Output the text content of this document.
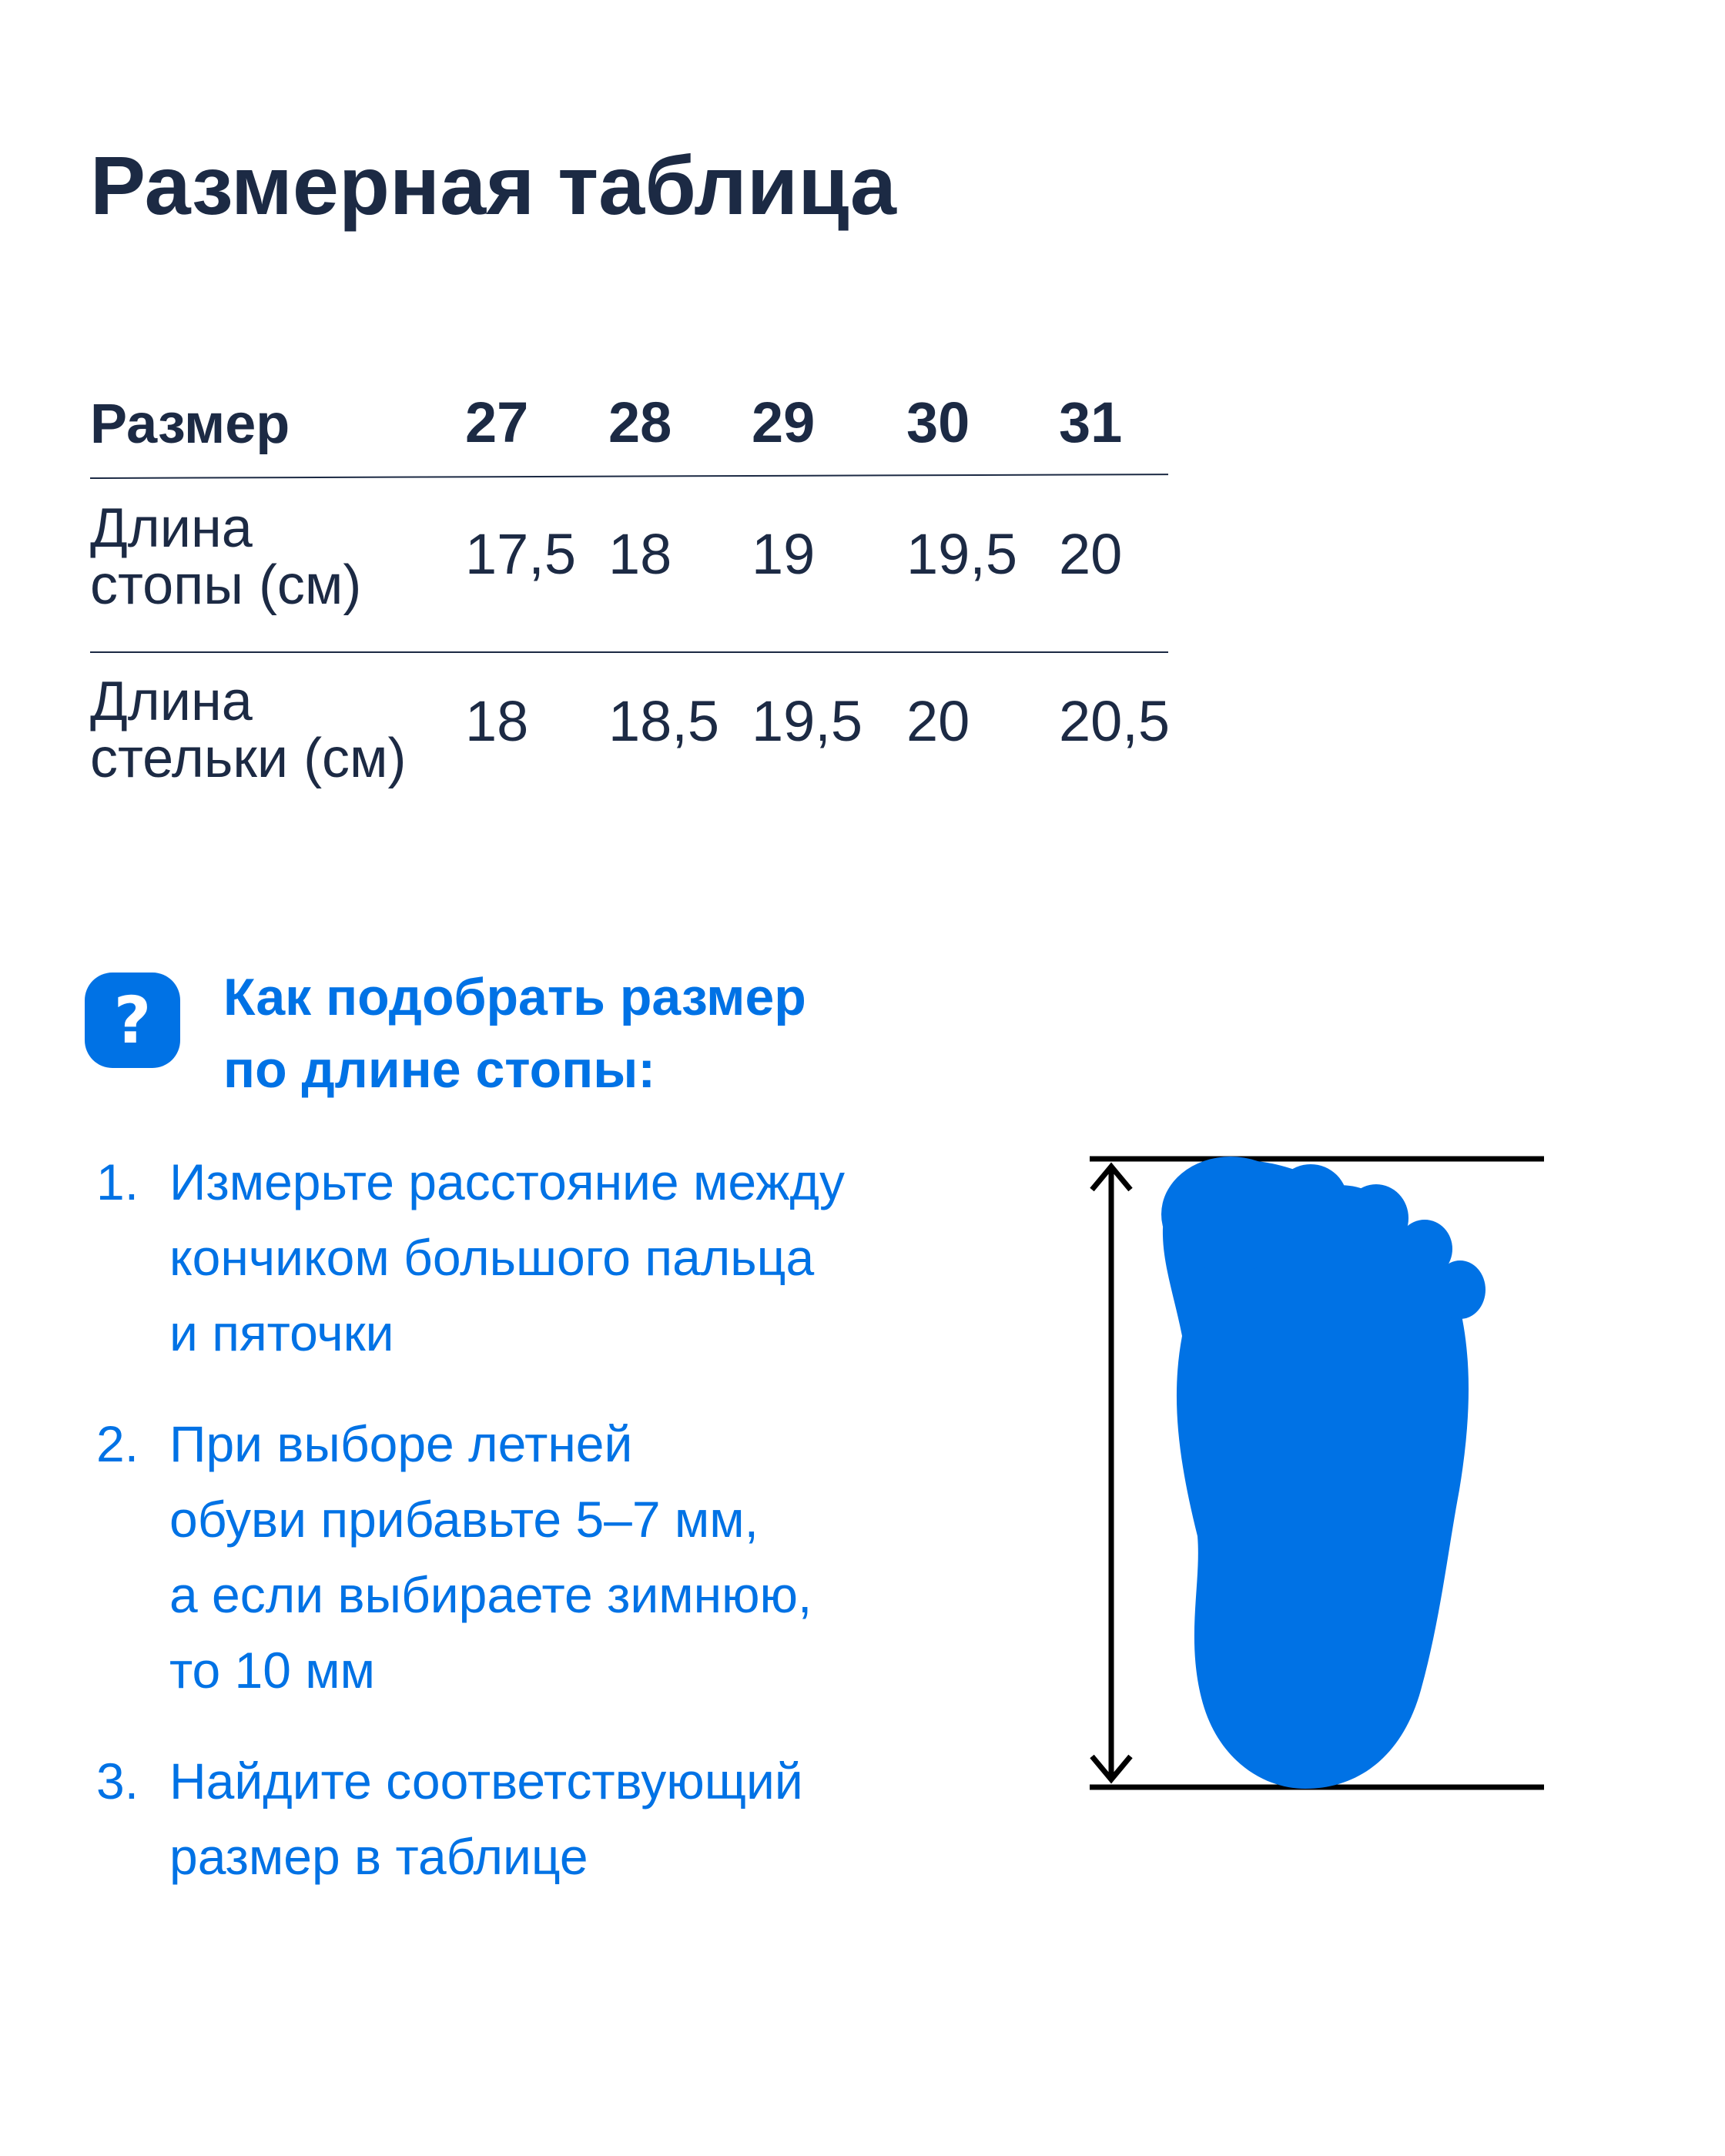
Размерная таблица
Размер	27 28 29 30 31
Длина
стопы (см) 17,5 18 19 19,5 20
Длина
стельки (см)
18 18,5 19,5 20 20,5
? Как подобрать размер
по длине стопы:
1. Измерьте расстояние между
кончиком большого пальца
и пяточки
2. При выборе летней
обуви прибавьте 5–7 мм,
а если выбираете зимнюю,
то 10 мм
3. Найдите соответствующий
размер в таблице
